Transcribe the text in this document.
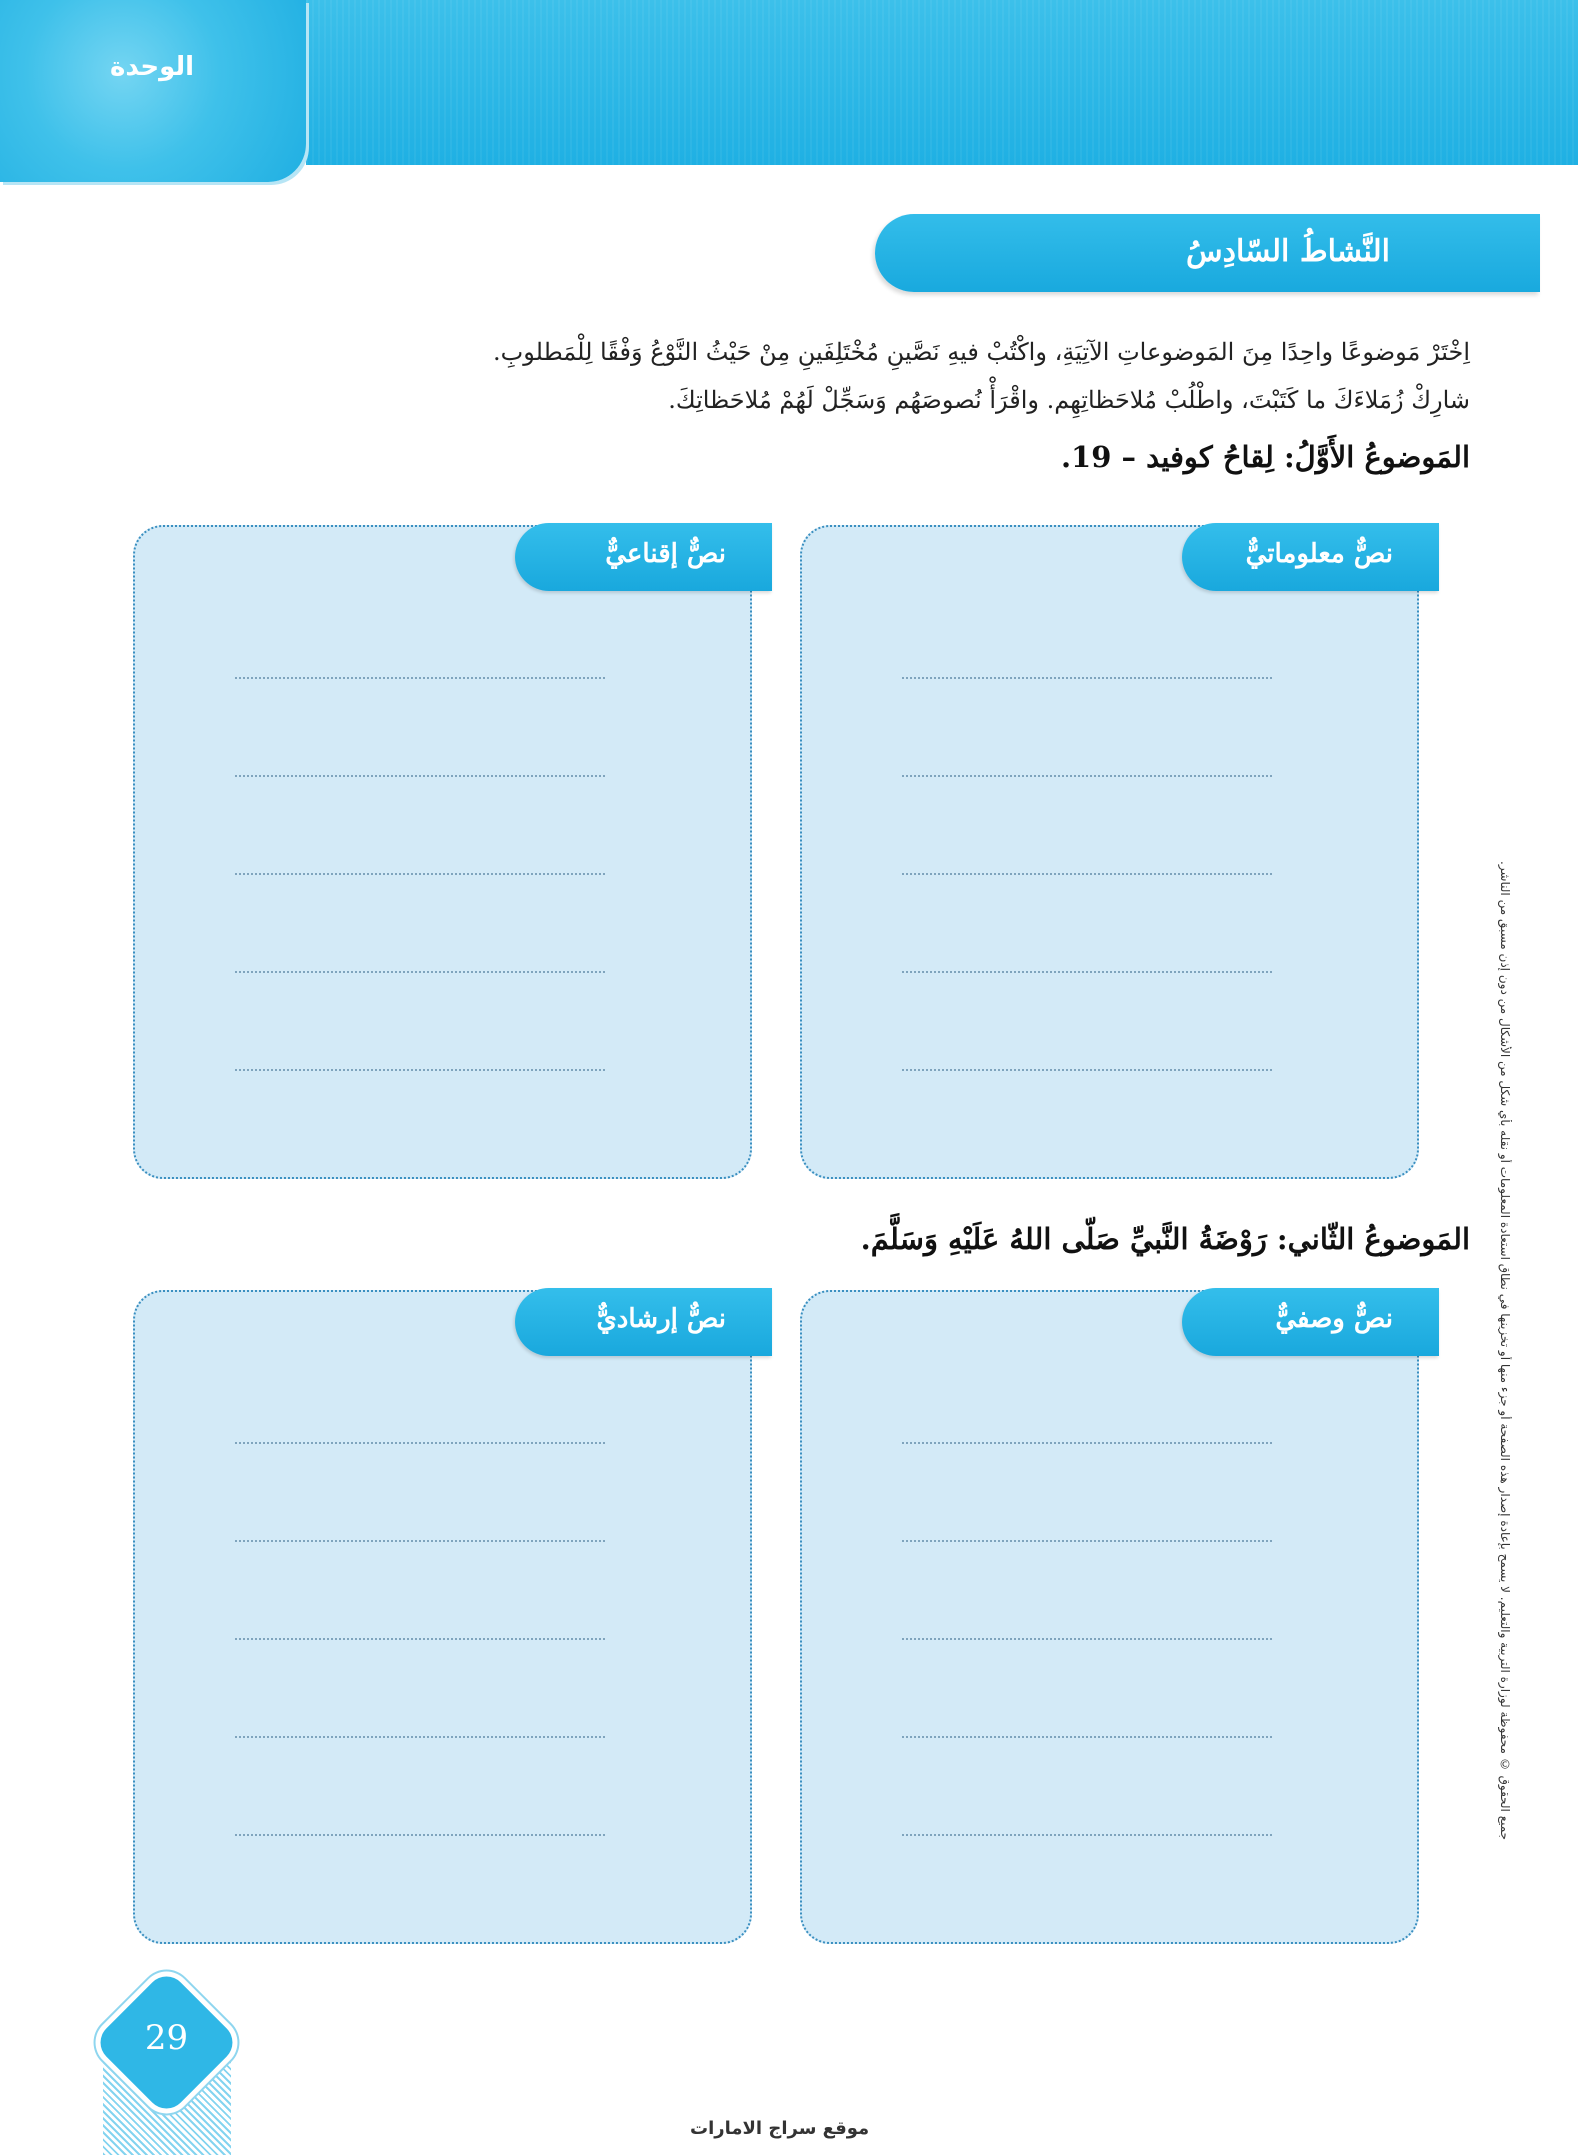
الوحدة
النَّشاطُ السّادِسُ
اِخْتَرْ مَوضوعًا واحِدًا مِنَ المَوضوعاتِ الآتِيَةِ، واكْتُبْ فيهِ نَصَّينِ مُخْتَلِفَينِ مِنْ حَيْثُ النَّوْعُ وَفْقًا لِلْمَطلوبِ.
شارِكْ زُمَلاءَكَ ما كَتَبْتَ، واطْلُبْ مُلاحَظاتِهِم. واقْرَأْ نُصوصَهُم وَسَجِّلْ لَهُمْ مُلاحَظاتِكَ.
المَوضوعُ الأَوَّلُ: لِقاحُ كوفيد – 19.
نصٌّ معلوماتيٌّ
نصٌّ إقناعيٌّ
المَوضوعُ الثّاني: رَوْضَةُ النَّبيِّ صَلّى اللهُ عَلَيْهِ وَسَلَّمَ.
نصٌّ وصفيٌّ
نصٌّ إرشاديٌّ	جميع الحقوق © محفوظة لوزارة التربية والتعليم. لا يسمح بإعادة إصدار هذه الصفحة أو جزء منها أو تخزينها في نطاق استعادة المعلومات أو نقله بأي شكل من الأشكال من دون إذن مسبق من الناشر.
29
موقع سراج الامارات
